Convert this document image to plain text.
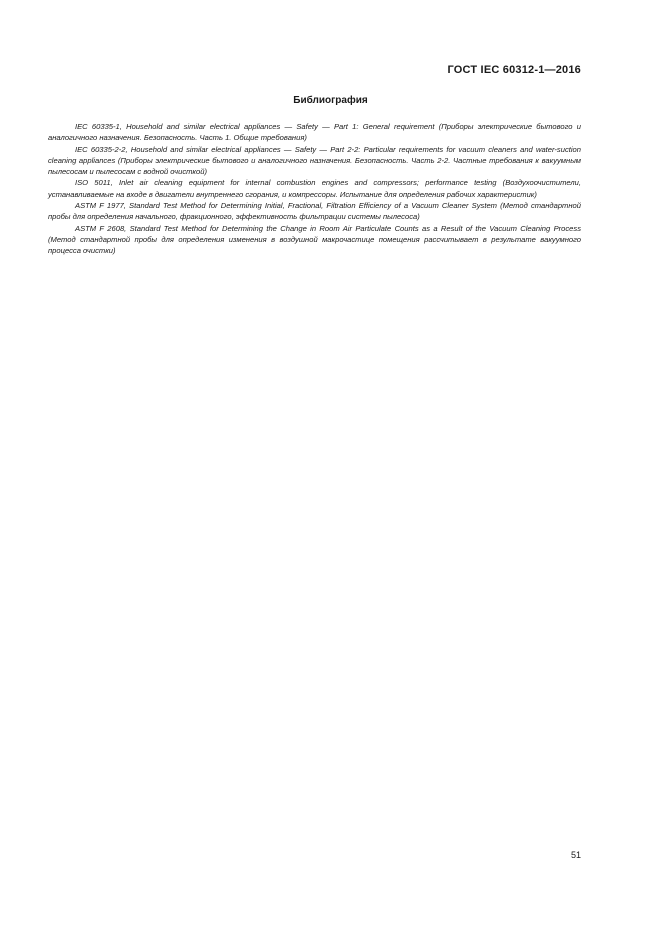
ГОСТ IEC 60312-1—2016
Библиография
IEC 60335-1, Household and similar electrical appliances — Safety — Part 1: General requirement (Приборы электрические бытового и аналогичного назначения. Безопасность. Часть 1. Общие требования)
IEC 60335-2-2, Household and similar electrical appliances — Safety — Part 2-2: Particular requirements for vacuum cleaners and water-suction cleaning appliances (Приборы электрические бытового и аналогичного назначения. Безопасность. Часть 2-2. Частные требования к вакуумным пылесосам и пылесосам с водной очисткой)
ISO 5011, Inlet air cleaning equipment for internal combustion engines and compressors; performance testing (Воздухоочистители, устанавливаемые на входе в двигатели внутреннего сгорания, и компрессоры. Испытание для определения рабочих характеристик)
ASTM F 1977, Standard Test Method for Determining Initial, Fractional, Filtration Efficiency of a Vacuum Cleaner System (Метод стандартной пробы для определения начального, фракционного, эффективность фильтрации системы пылесоса)
ASTM F 2608, Standard Test Method for Determining the Change in Room Air Particulate Counts as a Result of the Vacuum Cleaning Process (Метод стандартной пробы для определения изменения в воздушной макрочастице помещения рассчитывает в результате вакуумного процесса очистки)
51
